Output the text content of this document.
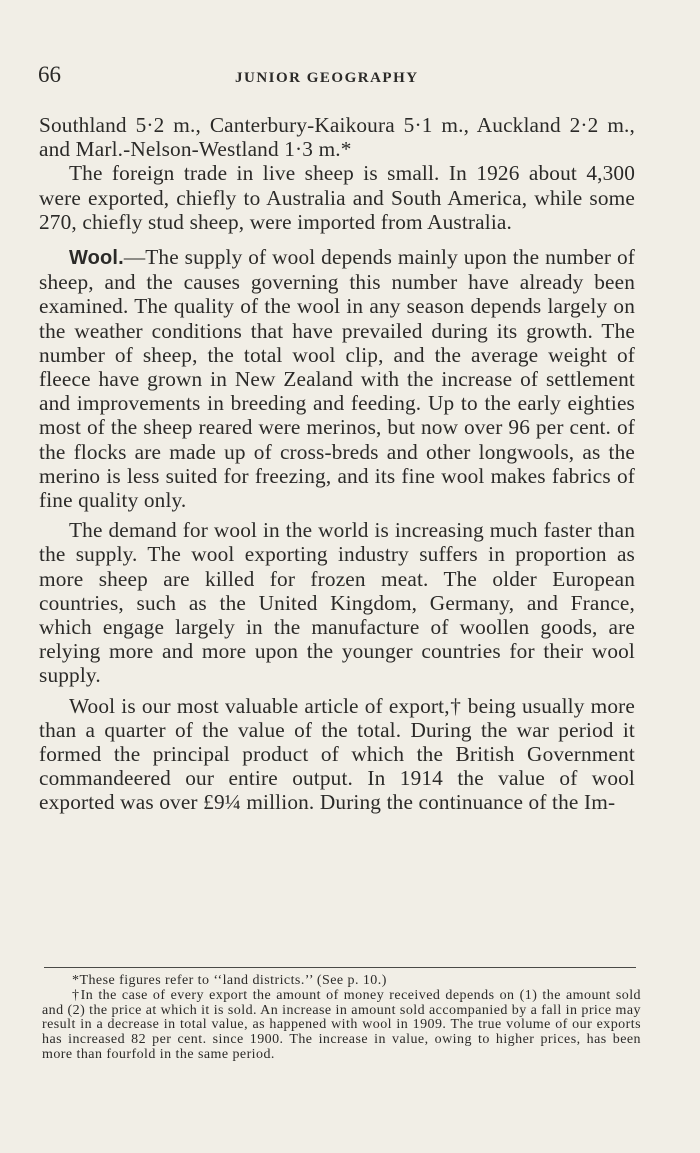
66	JUNIOR GEOGRAPHY

Southland 5·2 m., Canterbury-Kaikoura 5·1 m., Auckland 2·2 m., and Marl.-Nelson-Westland 1·3 m.*

The foreign trade in live sheep is small. In 1926 about 4,300 were exported, chiefly to Australia and South America, while some 270, chiefly stud sheep, were imported from Australia.

Wool.—The supply of wool depends mainly upon the number of sheep, and the causes governing this number have already been examined. The quality of the wool in any season depends largely on the weather conditions that have prevailed during its growth. The number of sheep, the total wool clip, and the average weight of fleece have grown in New Zealand with the increase of settlement and improvements in breeding and feeding. Up to the early eighties most of the sheep reared were merinos, but now over 96 per cent. of the flocks are made up of cross-breds and other longwools, as the merino is less suited for freezing, and its fine wool makes fabrics of fine quality only.

The demand for wool in the world is increasing much faster than the supply. The wool exporting industry suffers in proportion as more sheep are killed for frozen meat. The older European countries, such as the United Kingdom, Germany, and France, which engage largely in the manufacture of woollen goods, are relying more and more upon the younger countries for their wool supply.

Wool is our most valuable article of export,† being usually more than a quarter of the value of the total. During the war period it formed the principal product of which the British Government commandeered our entire output. In 1914 the value of wool exported was over £9¼ million. During the continuance of the Im-

*These figures refer to ‘‘land districts.’’ (See p. 10.)

†In the case of every export the amount of money received depends on (1) the amount sold and (2) the price at which it is sold. An increase in amount sold accompanied by a fall in price may result in a decrease in total value, as happened with wool in 1909. The true volume of our exports has increased 82 per cent. since 1900. The increase in value, owing to higher prices, has been more than fourfold in the same period.
